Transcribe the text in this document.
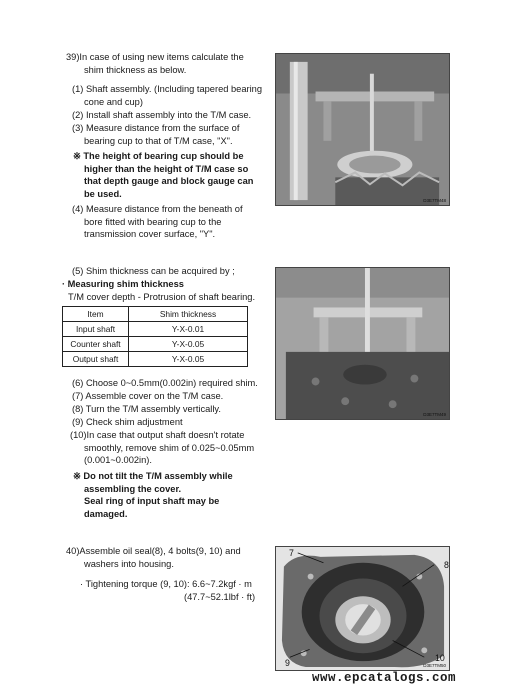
39)In case of using new items calculate the
shim thickness as below.
(1) Shaft assembly. (Including tapered bearing
cone and cup)
(2) Install shaft assembly into the T/M case.
(3) Measure distance from the surface of
bearing cup to that of T/M case, "X".
※ The height of bearing cup should be
higher than the height of T/M case so
that depth gauge and block gauge can
be used.
(4) Measure distance from the beneath of
bore fitted with bearing cup to the
transmission cover surface, "Y".
D3E7TM48
(5) Shim thickness can be acquired by ;
· Measuring shim thickness
T/M cover depth - Protrusion of shaft bearing.
Item	Shim thickness
Input shaft	Y-X-0.01
Counter shaft	Y-X-0.05
Output shaft	Y-X-0.05
D3E7TM49
(6) Choose 0~0.5mm(0.002in) required shim.
(7) Assemble cover on the T/M case.
(8) Turn the T/M assembly vertically.
(9) Check shim adjustment
(10)In case that output shaft doesn't rotate
smoothly, remove shim of 0.025~0.05mm
(0.001~0.002in).
※ Do not tilt the T/M assembly while
assembling the cover.
Seal ring of input shaft may be
damaged.
40)Assemble oil seal(8), 4 bolts(9, 10) and
washers into housing.
· Tightening torque (9, 10): 6.6~7.2kgf · m
(47.7~52.1lbf · ft)
D3E7TM50
7
8
9	10
www.epcatalogs.com
